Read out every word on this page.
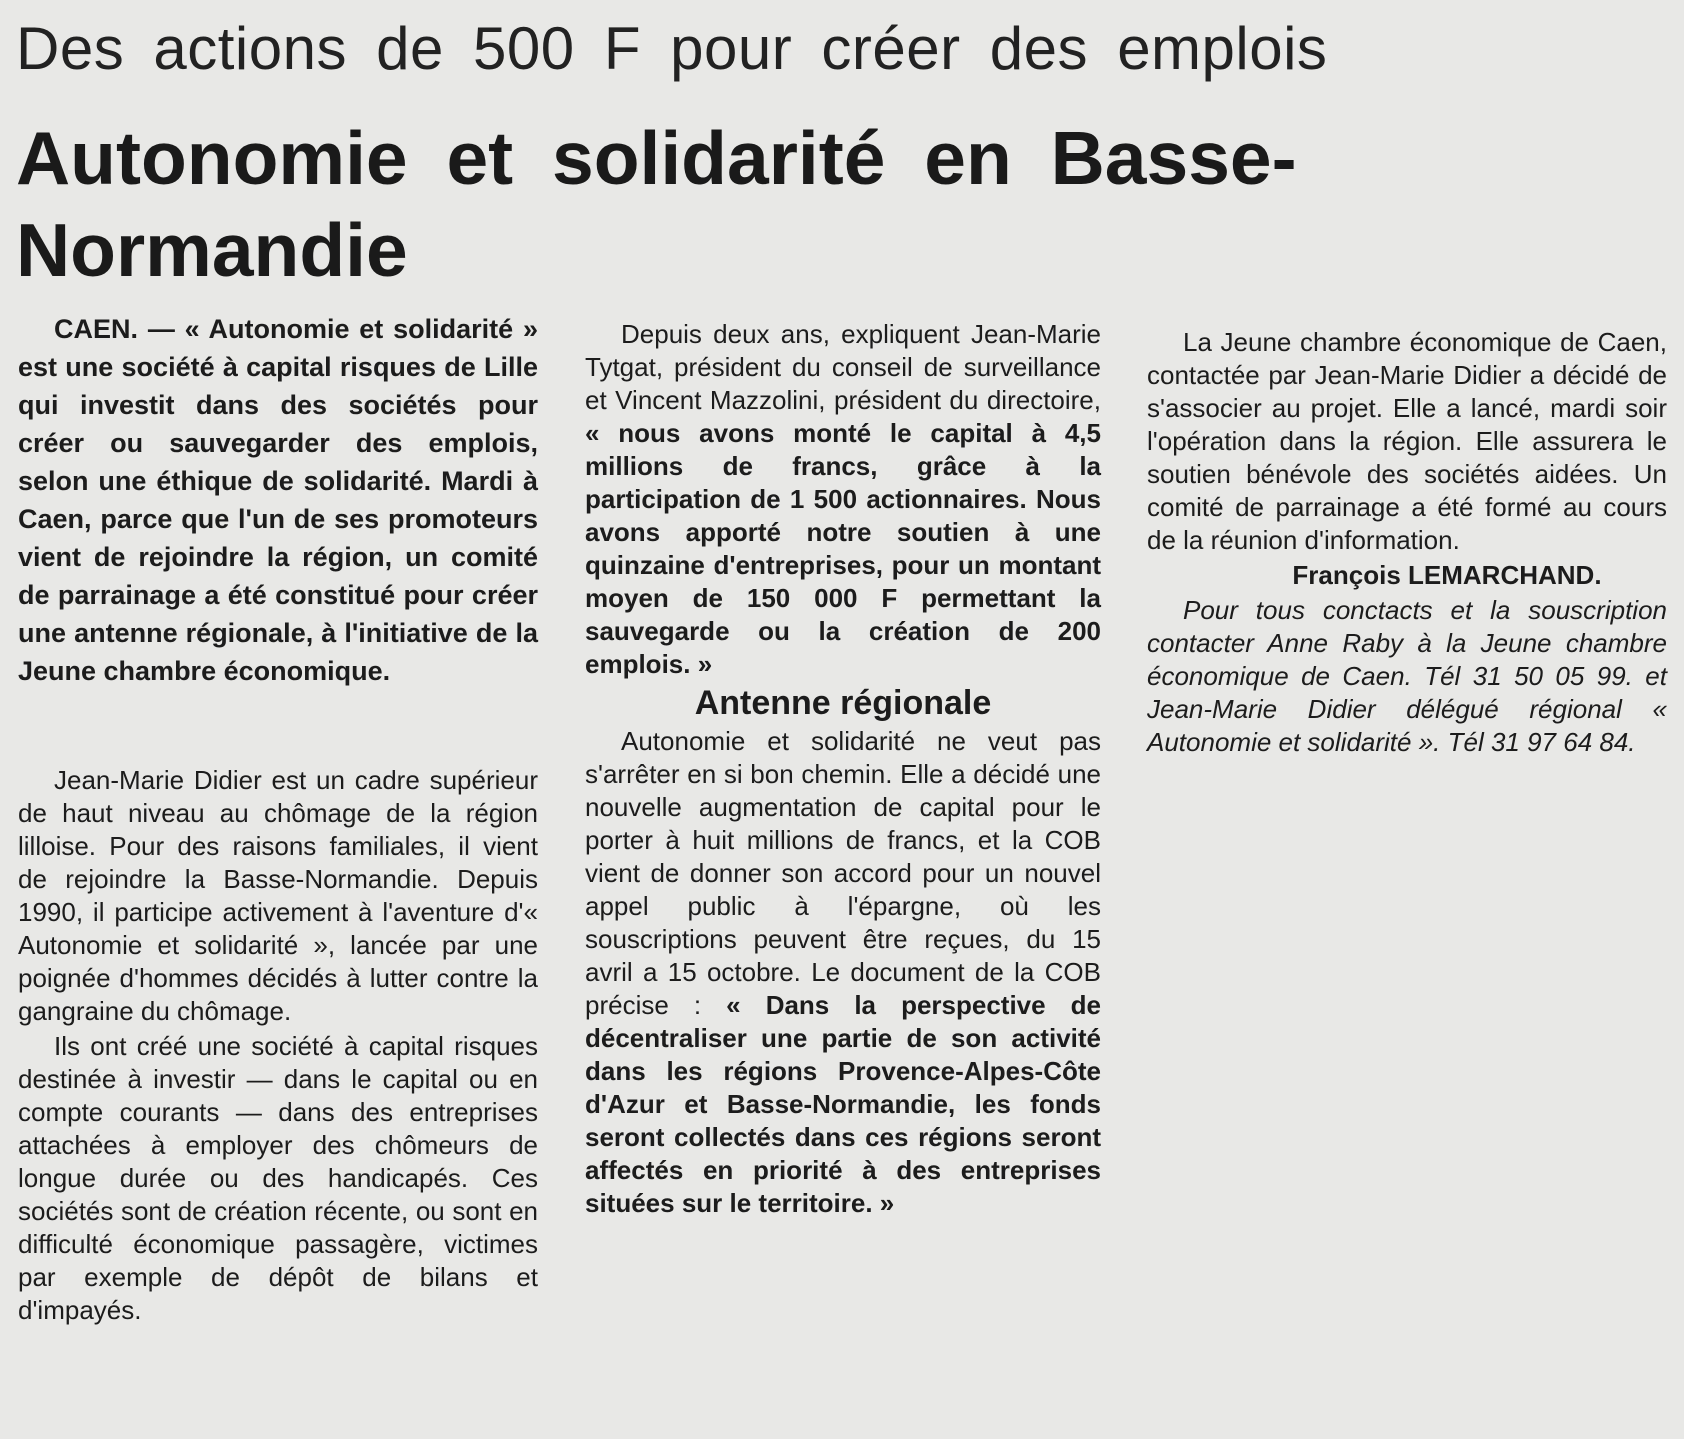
Des actions de 500 F pour créer des emplois
Autonomie et solidarité en Basse-Normandie

CAEN. — « Autonomie et solidarité » est une société à capital risques de Lille qui investit dans des sociétés pour créer ou sauvegarder des emplois, selon une éthique de solidarité. Mardi à Caen, parce que l'un de ses promoteurs vient de rejoindre la région, un comité de parrainage a été constitué pour créer une antenne régionale, à l'initiative de la Jeune chambre économique.

Jean-Marie Didier est un cadre supérieur de haut niveau au chômage de la région lilloise. Pour des raisons familiales, il vient de rejoindre la Basse-Normandie. Depuis 1990, il participe activement à l'aventure d'« Autonomie et solidarité », lancée par une poignée d'hommes décidés à lutter contre la gangraine du chômage.

Ils ont créé une société à capital risques destinée à investir — dans le capital ou en compte courants — dans des entreprises attachées à employer des chômeurs de longue durée ou des handicapés. Ces sociétés sont de création récente, ou sont en difficulté économique passagère, victimes par exemple de dépôt de bilans et d'impayés.

Depuis deux ans, expliquent Jean-Marie Tytgat, président du conseil de surveillance et Vincent Mazzolini, président du directoire, « nous avons monté le capital à 4,5 millions de francs, grâce à la participation de 1 500 actionnaires. Nous avons apporté notre soutien à une quinzaine d'entreprises, pour un montant moyen de 150 000 F permettant la sauvegarde ou la création de 200 emplois. »

Antenne régionale

Autonomie et solidarité ne veut pas s'arrêter en si bon chemin. Elle a décidé une nouvelle augmentation de capital pour le porter à huit millions de francs, et la COB vient de donner son accord pour un nouvel appel public à l'épargne, où les souscriptions peuvent être reçues, du 15 avril a 15 octobre. Le document de la COB précise : « Dans la perspective de décentraliser une partie de son activité dans les régions Provence-Alpes-Côte d'Azur et Basse-Normandie, les fonds seront collectés dans ces régions seront affectés en priorité à des entreprises situées sur le territoire. »

La Jeune chambre économique de Caen, contactée par Jean-Marie Didier a décidé de s'associer au projet. Elle a lancé, mardi soir l'opération dans la région. Elle assurera le soutien bénévole des sociétés aidées. Un comité de parrainage a été formé au cours de la réunion d'information.

François LEMARCHAND.

Pour tous conctacts et la souscription contacter Anne Raby à la Jeune chambre économique de Caen. Tél 31 50 05 99. et Jean-Marie Didier délégué régional « Autonomie et solidarité ». Tél 31 97 64 84.
